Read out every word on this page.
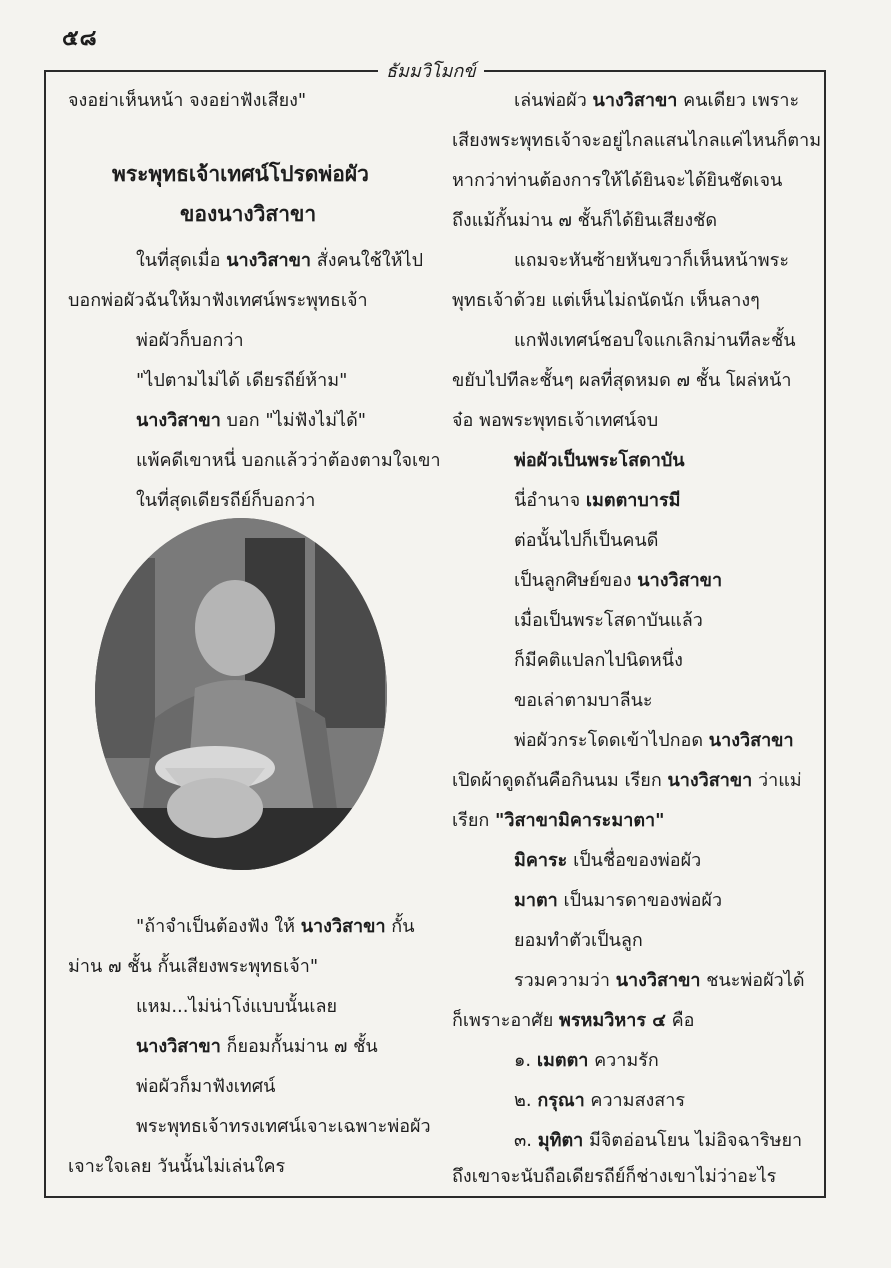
๕๘
ธัมมวิโมกข์
จงอย่าเห็นหน้า จงอย่าฟังเสียง"
พระพุทธเจ้าเทศน์โปรดพ่อผัว
ของนางวิสาขา
ในที่สุดเมื่อ นางวิสาขา สั่งคนใช้ให้ไป
บอกพ่อผัวฉันให้มาฟังเทศน์พระพุทธเจ้า
พ่อผัวก็บอกว่า
"ไปตามไม่ได้ เดียรถีย์ห้าม"
นางวิสาขา บอก "ไม่ฟังไม่ได้"
แพ้คดีเขาหนี่ บอกแล้วว่าต้องตามใจเขา
ในที่สุดเดียรถีย์ก็บอกว่า
"ถ้าจำเป็นต้องฟัง ให้ นางวิสาขา กั้น
ม่าน ๗ ชั้น กั้นเสียงพระพุทธเจ้า"
แหม...ไม่น่าโง่แบบนั้นเลย
นางวิสาขา ก็ยอมกั้นม่าน ๗ ชั้น
พ่อผัวก็มาฟังเทศน์
พระพุทธเจ้าทรงเทศน์เจาะเฉพาะพ่อผัว
เจาะใจเลย วันนั้นไม่เล่นใคร
เล่นพ่อผัว นางวิสาขา คนเดียว เพราะ
เสียงพระพุทธเจ้าจะอยู่ไกลแสนไกลแค่ไหนก็ตาม
หากว่าท่านต้องการให้ได้ยินจะได้ยินชัดเจน
ถึงแม้กั้นม่าน ๗ ชั้นก็ได้ยินเสียงชัด
แถมจะหันซ้ายหันขวาก็เห็นหน้าพระ
พุทธเจ้าด้วย แต่เห็นไม่ถนัดนัก เห็นลางๆ
แกฟังเทศน์ชอบใจแกเลิกม่านทีละชั้น
ขยับไปทีละชั้นๆ ผลที่สุดหมด ๗ ชั้น โผล่หน้า
จ๋อ พอพระพุทธเจ้าเทศน์จบ
พ่อผัวเป็นพระโสดาบัน
นี่อำนาจ เมตตาบารมี
ต่อนั้นไปก็เป็นคนดี
เป็นลูกศิษย์ของ นางวิสาขา
เมื่อเป็นพระโสดาบันแล้ว
ก็มีคติแปลกไปนิดหนึ่ง
ขอเล่าตามบาลีนะ
พ่อผัวกระโดดเข้าไปกอด นางวิสาขา
เปิดผ้าดูดถันคือกินนม เรียก นางวิสาขา ว่าแม่
เรียก "วิสาขามิคาระมาตา"
มิคาระ เป็นชื่อของพ่อผัว
มาตา เป็นมารดาของพ่อผัว
ยอมทำตัวเป็นลูก
รวมความว่า นางวิสาขา ชนะพ่อผัวได้
ก็เพราะอาศัย พรหมวิหาร ๔ คือ
๑. เมตตา ความรัก
๒. กรุณา ความสงสาร
๓. มุทิตา มีจิตอ่อนโยน ไม่อิจฉาริษยา
ถึงเขาจะนับถือเดียรถีย์ก็ช่างเขาไม่ว่าอะไร
